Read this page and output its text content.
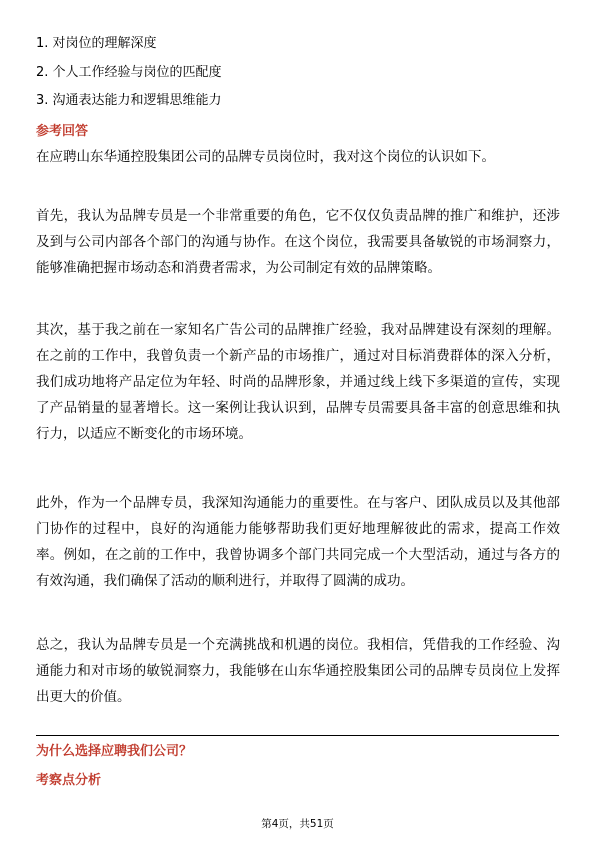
1. 对岗位的理解深度
2. 个人工作经验与岗位的匹配度
3. 沟通表达能力和逻辑思维能力
参考回答

在应聘山东华通控股集团公司的品牌专员岗位时，我对这个岗位的认识如下。

首先，我认为品牌专员是一个非常重要的角色，它不仅仅负责品牌的推广和维护，还涉及到与公司内部各个部门的沟通与协作。在这个岗位，我需要具备敏锐的市场洞察力，能够准确把握市场动态和消费者需求，为公司制定有效的品牌策略。

其次，基于我之前在一家知名广告公司的品牌推广经验，我对品牌建设有深刻的理解。在之前的工作中，我曾负责一个新产品的市场推广，通过对目标消费群体的深入分析，我们成功地将产品定位为年轻、时尚的品牌形象，并通过线上线下多渠道的宣传，实现了产品销量的显著增长。这一案例让我认识到，品牌专员需要具备丰富的创意思维和执行力，以适应不断变化的市场环境。

此外，作为一个品牌专员，我深知沟通能力的重要性。在与客户、团队成员以及其他部门协作的过程中，良好的沟通能力能够帮助我们更好地理解彼此的需求，提高工作效率。例如，在之前的工作中，我曾协调多个部门共同完成一个大型活动，通过与各方的有效沟通，我们确保了活动的顺利进行，并取得了圆满的成功。

总之，我认为品牌专员是一个充满挑战和机遇的岗位。我相信，凭借我的工作经验、沟通能力和对市场的敏锐洞察力，我能够在山东华通控股集团公司的品牌专员岗位上发挥出更大的价值。

为什么选择应聘我们公司？
考察点分析
第4页，共51页
